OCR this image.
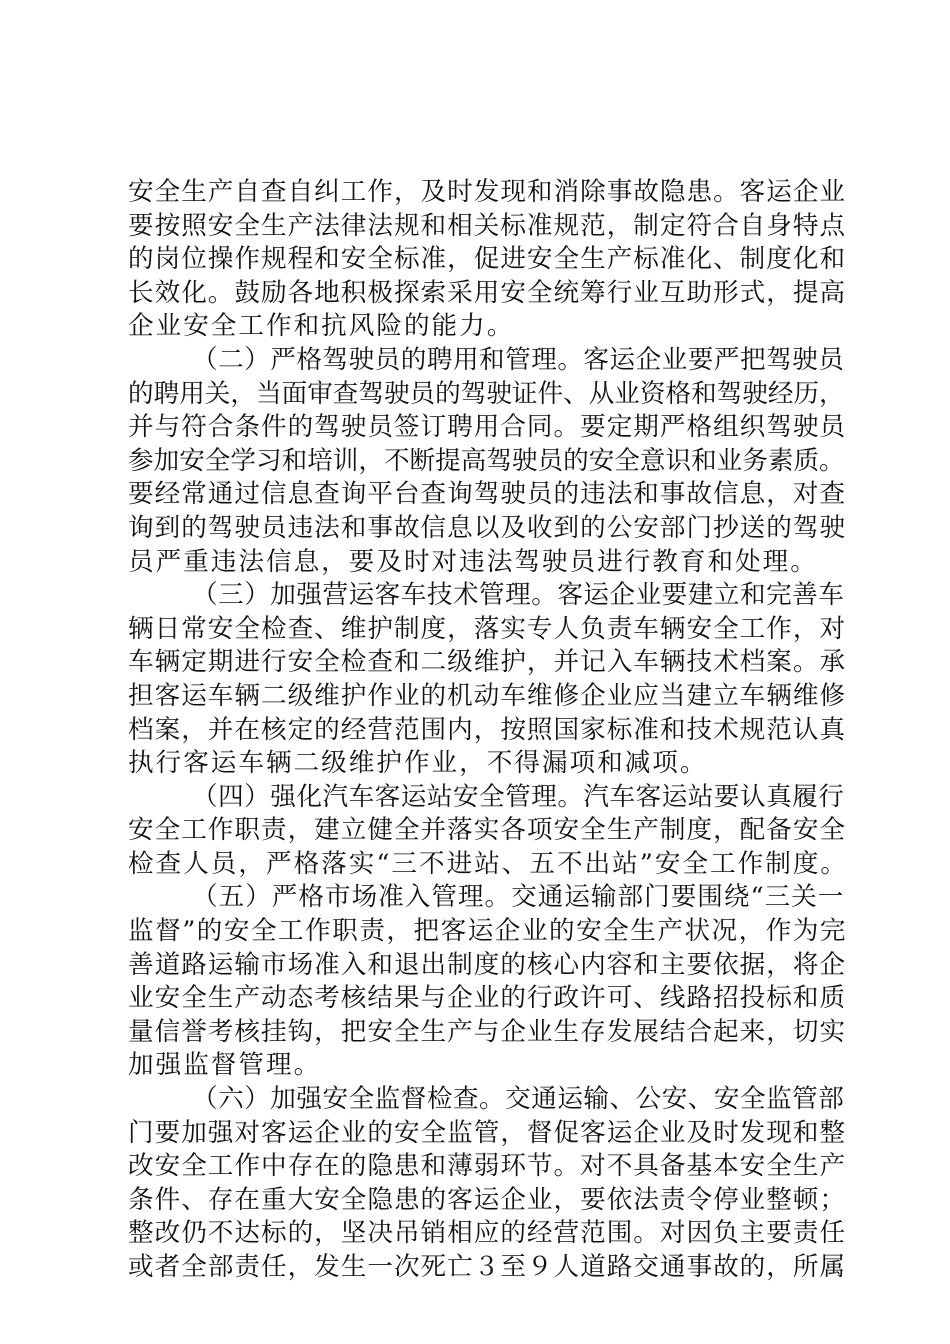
安全生产自查自纠工作，及时发现和消除事故隐患。客运企业
要按照安全生产法律法规和相关标准规范，制定符合自身特点
的岗位操作规程和安全标准，促进安全生产标准化、制度化和
长效化。鼓励各地积极探索采用安全统筹行业互助形式，提高
企业安全工作和抗风险的能力。
（二）严格驾驶员的聘用和管理。客运企业要严把驾驶员
的聘用关，当面审查驾驶员的驾驶证件、从业资格和驾驶经历，
并与符合条件的驾驶员签订聘用合同。要定期严格组织驾驶员
参加安全学习和培训，不断提高驾驶员的安全意识和业务素质。
要经常通过信息查询平台查询驾驶员的违法和事故信息，对查
询到的驾驶员违法和事故信息以及收到的公安部门抄送的驾驶
员严重违法信息，要及时对违法驾驶员进行教育和处理。
（三）加强营运客车技术管理。客运企业要建立和完善车
辆日常安全检查、维护制度，落实专人负责车辆安全工作，对
车辆定期进行安全检查和二级维护，并记入车辆技术档案。承
担客运车辆二级维护作业的机动车维修企业应当建立车辆维修
档案，并在核定的经营范围内，按照国家标准和技术规范认真
执行客运车辆二级维护作业，不得漏项和减项。
（四）强化汽车客运站安全管理。汽车客运站要认真履行
安全工作职责，建立健全并落实各项安全生产制度，配备安全
检查人员，严格落实“三不进站、五不出站”安全工作制度。
（五）严格市场准入管理。交通运输部门要围绕“三关一
监督”的安全工作职责，把客运企业的安全生产状况，作为完
善道路运输市场准入和退出制度的核心内容和主要依据，将企
业安全生产动态考核结果与企业的行政许可、线路招投标和质
量信誉考核挂钩，把安全生产与企业生存发展结合起来，切实
加强监督管理。
（六）加强安全监督检查。交通运输、公安、安全监管部
门要加强对客运企业的安全监管，督促客运企业及时发现和整
改安全工作中存在的隐患和薄弱环节。对不具备基本安全生产
条件、存在重大安全隐患的客运企业，要依法责令停业整顿；
整改仍不达标的，坚决吊销相应的经营范围。对因负主要责任
或者全部责任，发生一次死亡３至９人道路交通事故的，所属
